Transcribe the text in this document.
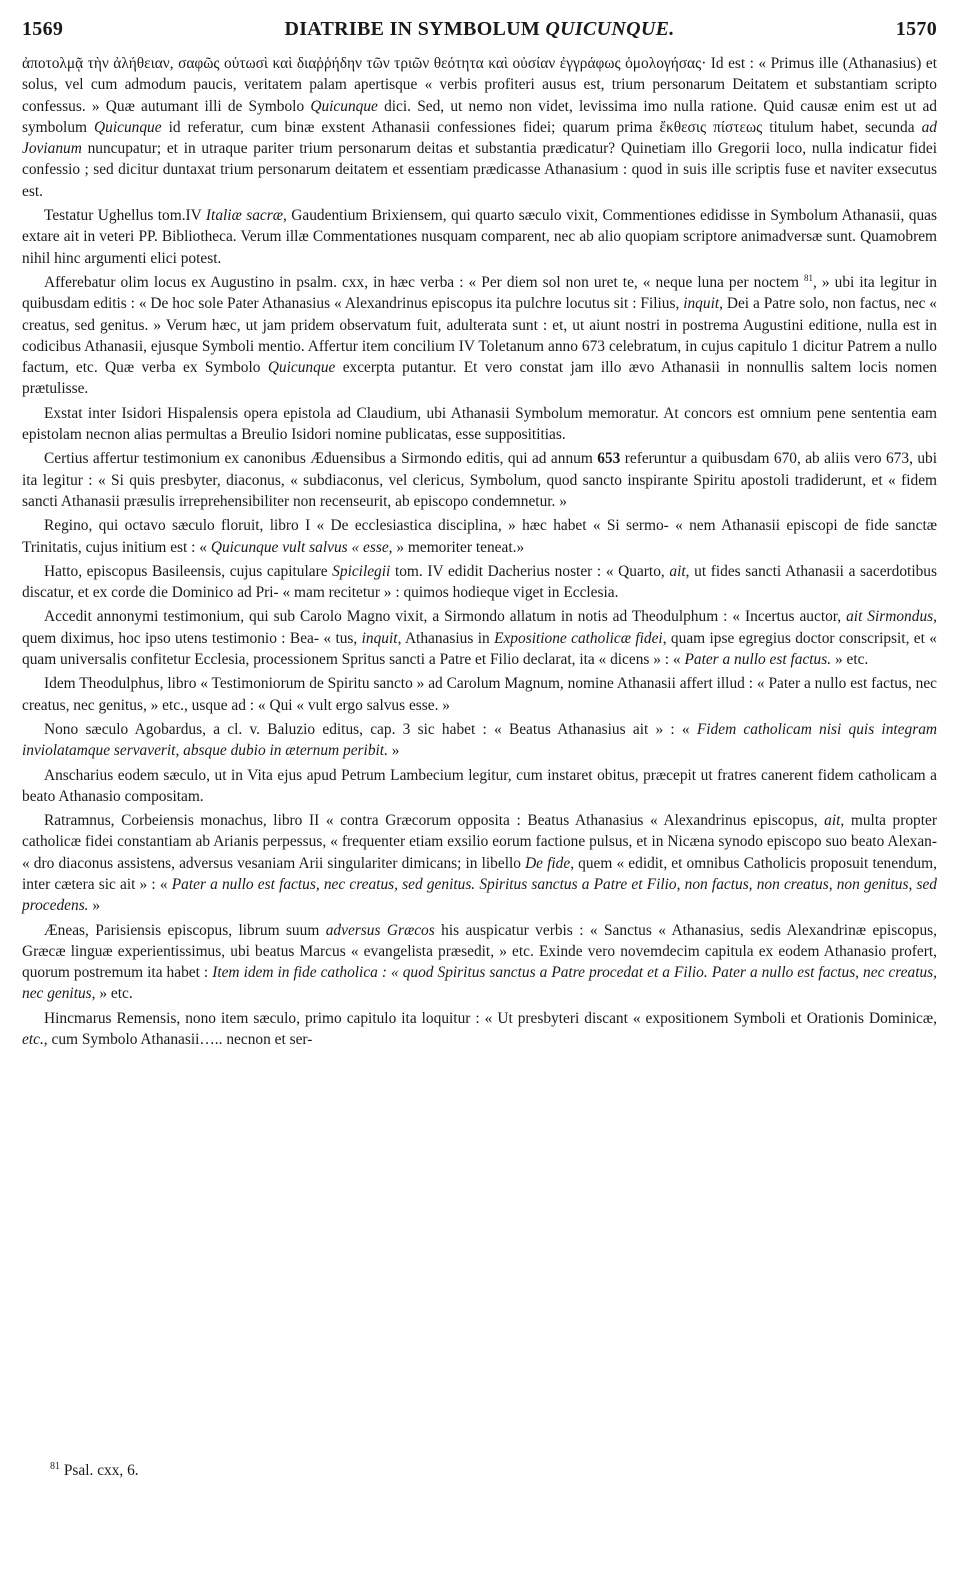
1569	DIATRIBE IN SYMBOLUM QUICUNQUE.	1570

ἀποτολμᾷ τὴν ἀλήθειαν, σαφῶς οὑτωσὶ καὶ διαῤῥήδην τῶν τριῶν θεότητα καὶ οὐσίαν ἐγγράφως ὁμολογήσας· Id est : « Primus ille (Athanasius) et solus, vel cum admodum paucis, veritatem palam apertisque « verbis profiteri ausus est, trium personarum Deitatem et substantiam scripto confessus. » Quæ autumant illi de Symbolo Quicunque dici. Sed, ut nemo non videt, levissima imo nulla ratione. Quid causæ enim est ut ad symbolum Quicunque id referatur, cum binæ exstent Athanasii confessiones fidei; quarum prima ἔκθεσις πίστεως titulum habet, secunda ad Jovianum nuncupatur; et in utraque pariter trium personarum deitas et substantia prædicatur? Quinetiam illo Gregorii loco, nulla indicatur fidei confessio ; sed dicitur duntaxat trium personarum deitatem et essentiam prædicasse Athanasium : quod in suis ille scriptis fuse et naviter exsecutus est.

Testatur Ughellus tom.IV Italiæ sacræ, Gaudentium Brixiensem, qui quarto sæculo vixit, Commentiones edidisse in Symbolum Athanasii, quas extare ait in veteri PP. Bibliotheca. Verum illæ Commentationes nusquam comparent, nec ab alio quopiam scriptore animadversæ sunt. Quamobrem nihil hinc argumenti elici potest.

Afferebatur olim locus ex Augustino in psalm. cxx, in hæc verba : « Per diem sol non uret te, « neque luna per noctem $^{81}$, » ubi ita legitur in quibusdam editis : « De hoc sole Pater Athanasius « Alexandrinus episcopus ita pulchre locutus sit : Filius, inquit, Dei a Patre solo, non factus, nec « creatus, sed genitus. » Verum hæc, ut jam pridem observatum fuit, adulterata sunt : et, ut aiunt nostri in postrema Augustini editione, nulla est in codicibus Athanasii, ejusque Symboli mentio. Affertur item concilium IV Toletanum anno 673 celebratum, in cujus capitulo 1 dicitur Patrem a nullo factum, etc. Quæ verba ex Symbolo Quicunque excerpta putantur. Et vero constat jam illo ævo Athanasii in nonnullis saltem locis nomen prætulisse.

Exstat inter Isidori Hispalensis opera epistola ad Claudium, ubi Athanasii Symbolum memoratur. At concors est omnium pene sententia eam epistolam necnon alias permultas a Breulio Isidori nomine publicatas, esse supposititias.

Certius affertur testimonium ex canonibus Æduensibus a Sirmondo editis, qui ad annum 653 referuntur a quibusdam 670, ab aliis vero 673, ubi ita legitur : « Si quis presbyter, diaconus, « subdiaconus, vel clericus, Symbolum, quod sancto inspirante Spiritu apostoli tradiderunt, et « fidem sancti Athanasii præsulis irreprehensibiliter non recenseurit, ab episcopo condemnetur. »

Regino, qui octavo sæculo floruit, libro I « De ecclesiastica disciplina, » hæc habet « Si sermo- « nem Athanasii episcopi de fide sanctæ Trinitatis, cujus initium est : « Quicunque vult salvus « esse, » memoriter teneat.»

Hatto, episcopus Basileensis, cujus capitulare Spicilegii tom. IV edidit Dacherius noster : « Quarto, ait, ut fides sancti Athanasii a sacerdotibus discatur, et ex corde die Dominico ad Pri- « mam recitetur » : quimos hodieque viget in Ecclesia.

Accedit annonymi testimonium, qui sub Carolo Magno vixit, a Sirmondo allatum in notis ad Theodulphum : « Incertus auctor, ait Sirmondus, quem diximus, hoc ipso utens testimonio : Bea- « tus, inquit, Athanasius in Expositione catholicæ fidei, quam ipse egregius doctor conscripsit, et « quam universalis confitetur Ecclesia, processionem Spritus sancti a Patre et Filio declarat, ita « dicens » : « Pater a nullo est factus. » etc.

Idem Theodulphus, libro « Testimoniorum de Spiritu sancto » ad Carolum Magnum, nomine Athanasii affert illud : « Pater a nullo est factus, nec creatus, nec genitus, » etc., usque ad : « Qui « vult ergo salvus esse. »

Nono sæculo Agobardus, a cl. v. Baluzio editus, cap. 3 sic habet : « Beatus Athanasius ait » : « Fidem catholicam nisi quis integram inviolatamque servaverit, absque dubio in æternum peribit. »

Anscharius eodem sæculo, ut in Vita ejus apud Petrum Lambecium legitur, cum instaret obitus, præcepit ut fratres canerent fidem catholicam a beato Athanasio compositam.

Ratramnus, Corbeiensis monachus, libro II « contra Græcorum opposita : Beatus Athanasius « Alexandrinus episcopus, ait, multa propter catholicæ fidei constantiam ab Arianis perpessus, « frequenter etiam exsilio eorum factione pulsus, et in Nicæna synodo episcopo suo beato Alexan- « dro diaconus assistens, adversus vesaniam Arii singulariter dimicans; in libello De fide, quem « edidit, et omnibus Catholicis proposuit tenendum, inter cætera sic ait » : « Pater a nullo est factus, nec creatus, sed genitus. Spiritus sanctus a Patre et Filio, non factus, non creatus, non genitus, sed procedens. »

Æneas, Parisiensis episcopus, librum suum adversus Græcos his auspicatur verbis : « Sanctus « Athanasius, sedis Alexandrinæ episcopus, Græcæ linguæ experientissimus, ubi beatus Marcus « evangelista præsedit, » etc. Exinde vero novemdecim capitula ex eodem Athanasio profert, quorum postremum ita habet : Item idem in fide catholica : « quod Spiritus sanctus a Patre procedat et a Filio. Pater a nullo est factus, nec creatus, nec genitus, » etc.

Hincmarus Remensis, nono item sæculo, primo capitulo ita loquitur : « Ut presbyteri discant « expositionem Symboli et Orationis Dominicæ, etc., cum Symbolo Athanasii….. necnon et ser-

$^{81}$ Psal. cxx, 6.
